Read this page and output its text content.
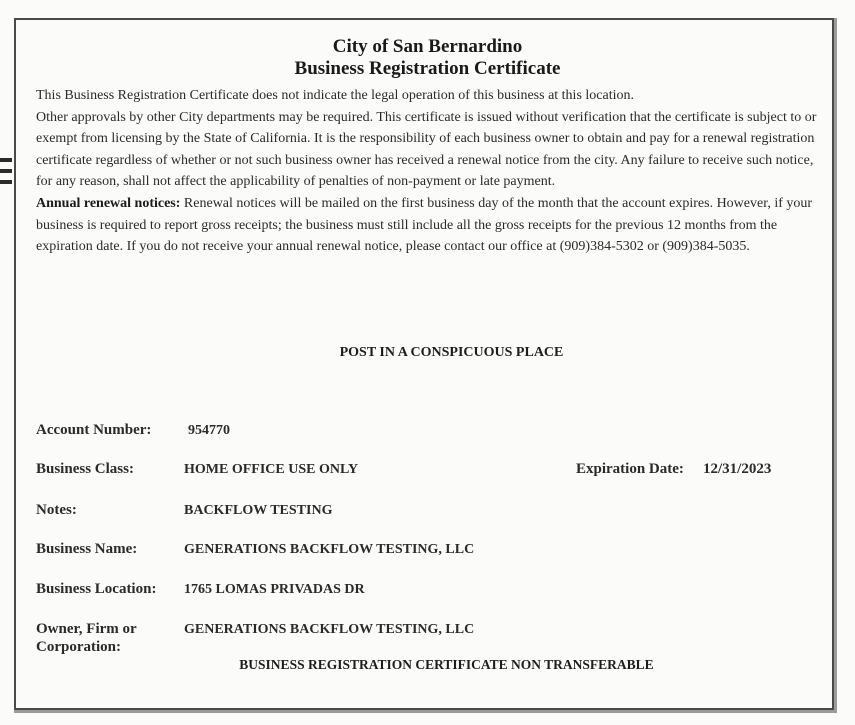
City of San Bernardino
Business Registration Certificate

This Business Registration Certificate does not indicate the legal operation of this business at this location.

Other approvals by other City departments may be required. This certificate is issued without verification that the certificate is subject to or exempt from licensing by the State of California. It is the responsibility of each business owner to obtain and pay for a renewal registration certificate regardless of whether or not such business owner has received a renewal notice from the city. Any failure to receive such notice, for any reason, shall not affect the applicability of penalties of non-payment or late payment.

Annual renewal notices: Renewal notices will be mailed on the first business day of the month that the account expires. However, if your business is required to report gross receipts; the business must still include all the gross receipts for the previous 12 months from the expiration date. If you do not receive your annual renewal notice, please contact our office at (909)384-5302 or (909)384-5035.

POST IN A CONSPICUOUS PLACE
Account Number:	954770
Business Class:	HOME OFFICE USE ONLY	Expiration Date: 12/31/2023
Notes:	BACKFLOW TESTING
Business Name:	GENERATIONS BACKFLOW TESTING, LLC
Business Location: 1765 LOMAS PRIVADAS DR
Owner, Firm or
Corporation:
GENERATIONS BACKFLOW TESTING, LLC
BUSINESS REGISTRATION CERTIFICATE NON TRANSFERABLE
